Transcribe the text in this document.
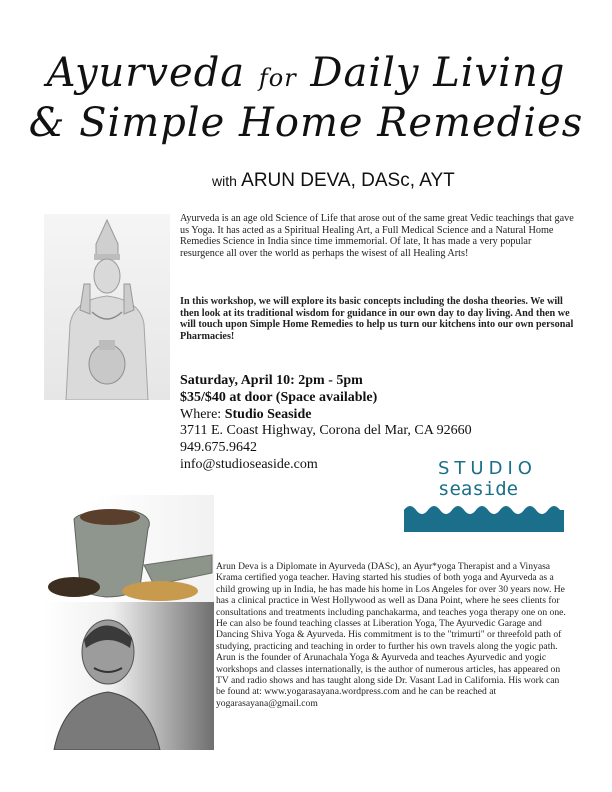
Ayurveda for Daily Living
& Simple Home Remedies
with ARUN DEVA, DASc, AYT

Ayurveda is an age old Science of Life that arose out of the same great Vedic teachings that gave us Yoga. It has acted as a Spiritual Healing Art, a Full Medical Science and a Natural Home Remedies Science in India since time immemorial. Of late, It has made a very popular resurgence all over the world as perhaps the wisest of all Healing Arts!

In this workshop, we will explore its basic concepts including the dosha theories. We will then look at its traditional wisdom for guidance in our own day to day living. And then we will touch upon Simple Home Remedies to help us turn our kitchens into our own personal Pharmacies!

Saturday, April 10: 2pm - 5pm
$35/$40 at door (Space available)
Where: Studio Seaside
3711 E. Coast Highway, Corona del Mar, CA 92660
949.675.9642
info@studioseaside.com	STUDIO
seaside

Arun Deva is a Diplomate in Ayurveda (DASc), an Ayur*yoga Therapist and a Vinyasa Krama certified yoga teacher. Having started his studies of both yoga and Ayurveda as a child growing up in India, he has made his home in Los Angeles for over 30 years now. He has a clinical practice in West Hollywood as well as Dana Point, where he sees clients for consultations and treatments including panchakarma, and teaches yoga therapy one on one. He can also be found teaching classes at Liberation Yoga, The Ayurvedic Garage and Dancing Shiva Yoga & Ayurveda. His commitment is to the "trimurti" or threefold path of studying, practicing and teaching in order to further his own travels along the yogic path. Arun is the founder of Arunachala Yoga & Ayurveda and teaches Ayurvedic and yogic workshops and classes internationally, is the author of numerous articles, has appeared on TV and radio shows and has taught along side Dr. Vasant Lad in California. His work can be found at: www.yogarasayana.wordpress.com and he can be reached at yogarasayana@gmail.com
